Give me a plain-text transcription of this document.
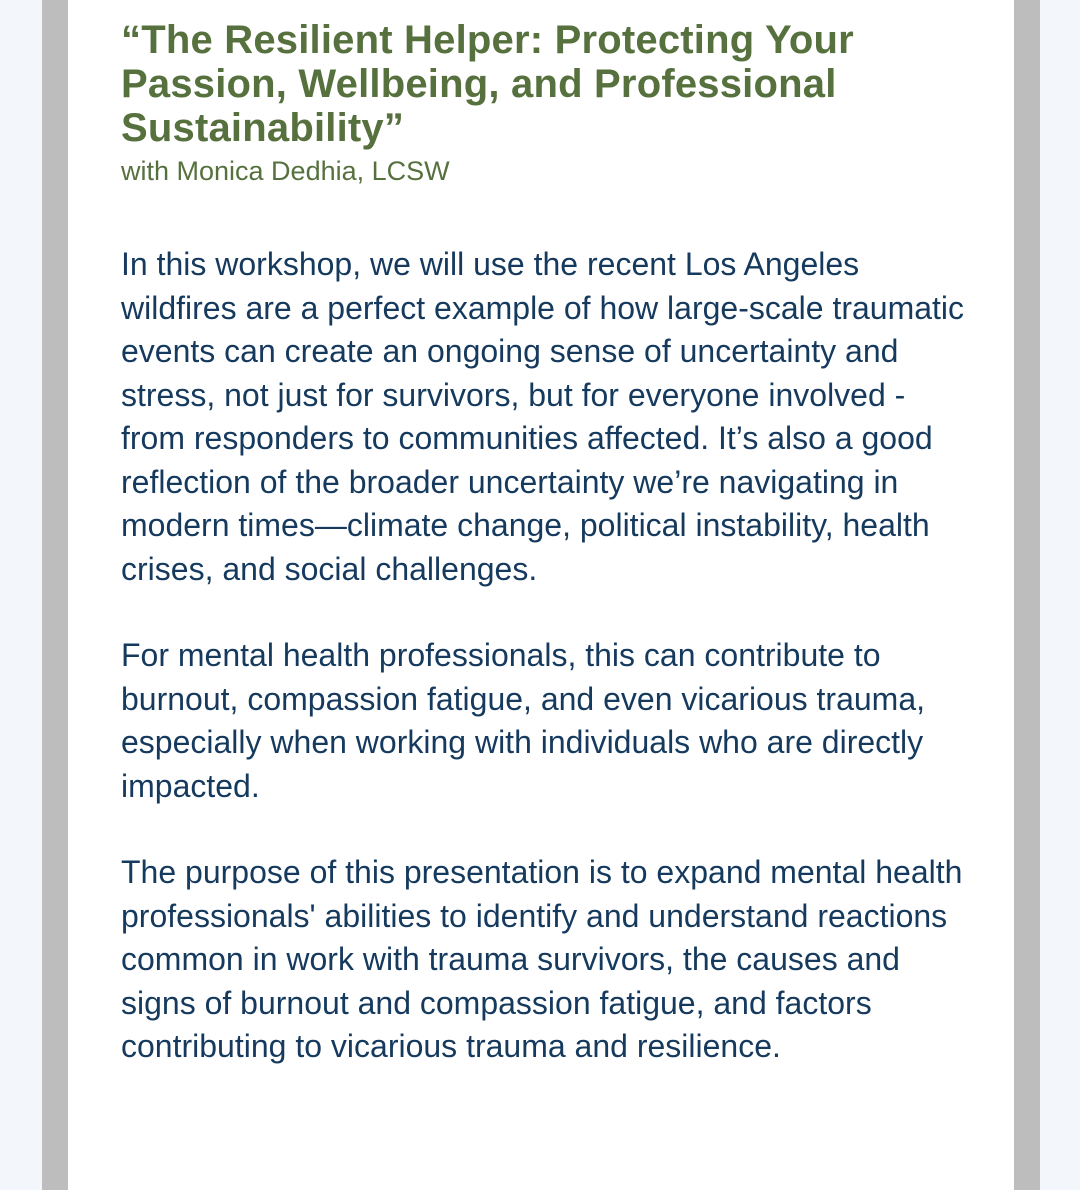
“The Resilient Helper: Protecting Your Passion, Wellbeing, and Professional Sustainability”

with Monica Dedhia, LCSW

In this workshop, we will use the recent Los Angeles wildfires are a perfect example of how large-scale traumatic events can create an ongoing sense of uncertainty and stress, not just for survivors, but for everyone involved - from responders to communities affected. It’s also a good reflection of the broader uncertainty we’re navigating in modern times—climate change, political instability, health crises, and social challenges.

For mental health professionals, this can contribute to burnout, compassion fatigue, and even vicarious trauma, especially when working with individuals who are directly impacted.

The purpose of this presentation is to expand mental health professionals' abilities to identify and understand reactions common in work with trauma survivors, the causes and signs of burnout and compassion fatigue, and factors contributing to vicarious trauma and resilience.
